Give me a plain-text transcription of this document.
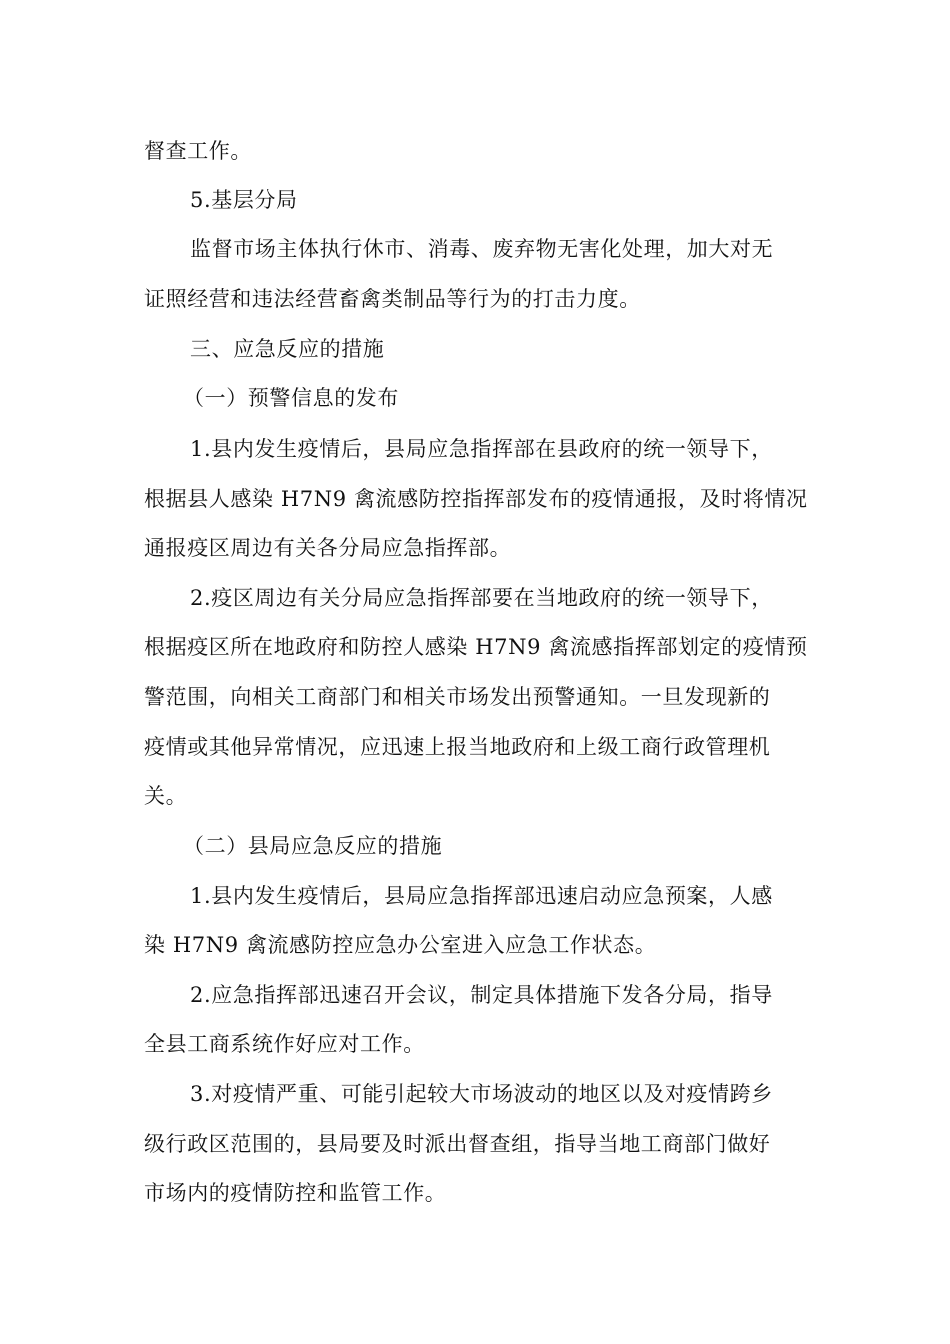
督查工作。
5.基层分局
监督市场主体执行休市、消毒、废弃物无害化处理，加大对无
证照经营和违法经营畜禽类制品等行为的打击力度。
三、应急反应的措施
（一）预警信息的发布
1.县内发生疫情后，县局应急指挥部在县政府的统一领导下，
根据县人感染 H7N9 禽流感防控指挥部发布的疫情通报，及时将情况
通报疫区周边有关各分局应急指挥部。
2.疫区周边有关分局应急指挥部要在当地政府的统一领导下，
根据疫区所在地政府和防控人感染 H7N9 禽流感指挥部划定的疫情预
警范围，向相关工商部门和相关市场发出预警通知。一旦发现新的
疫情或其他异常情况，应迅速上报当地政府和上级工商行政管理机
关。
（二）县局应急反应的措施
1.县内发生疫情后，县局应急指挥部迅速启动应急预案，人感
染 H7N9 禽流感防控应急办公室进入应急工作状态。
2.应急指挥部迅速召开会议，制定具体措施下发各分局，指导
全县工商系统作好应对工作。
3.对疫情严重、可能引起较大市场波动的地区以及对疫情跨乡
级行政区范围的，县局要及时派出督查组，指导当地工商部门做好
市场内的疫情防控和监管工作。
